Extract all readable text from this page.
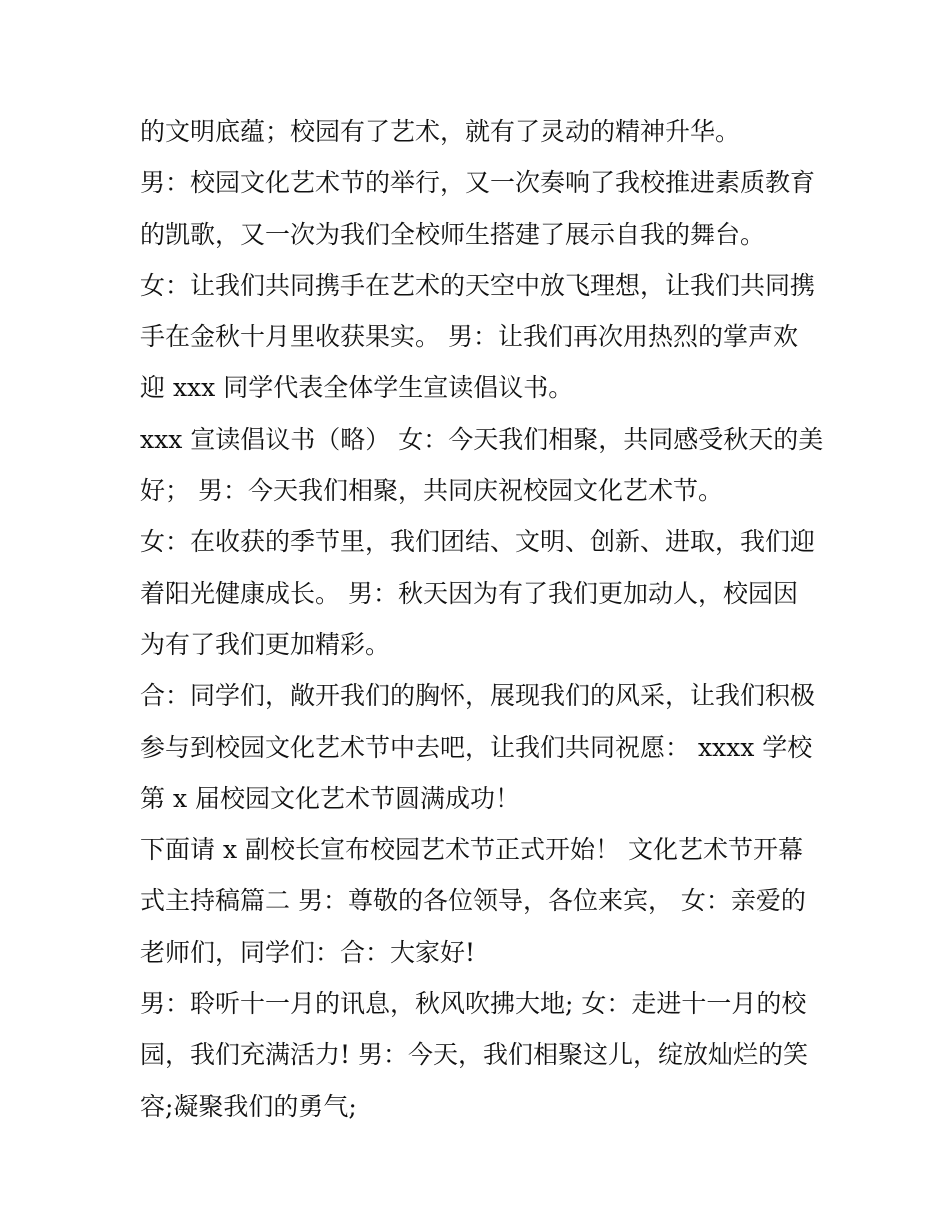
的文明底蕴；校园有了艺术，就有了灵动的精神升华。
男：校园文化艺术节的举行，又一次奏响了我校推进素质教育
的凯歌，又一次为我们全校师生搭建了展示自我的舞台。
女：让我们共同携手在艺术的天空中放飞理想，让我们共同携
手在金秋十月里收获果实。 男：让我们再次用热烈的掌声欢
迎 xxx 同学代表全体学生宣读倡议书。
xxx 宣读倡议书（略） 女：今天我们相聚，共同感受秋天的美
好； 男：今天我们相聚，共同庆祝校园文化艺术节。
女：在收获的季节里，我们团结、文明、创新、进取，我们迎
着阳光健康成长。 男：秋天因为有了我们更加动人，校园因
为有了我们更加精彩。
合：同学们，敞开我们的胸怀，展现我们的风采，让我们积极
参与到校园文化艺术节中去吧，让我们共同祝愿： xxxx 学校
第 x 届校园文化艺术节圆满成功！
下面请 x 副校长宣布校园艺术节正式开始！ 文化艺术节开幕
式主持稿篇二 男：尊敬的各位领导，各位来宾， 女：亲爱的
老师们，同学们：合：大家好!
男：聆听十一月的讯息，秋风吹拂大地; 女：走进十一月的校
园，我们充满活力! 男：今天，我们相聚这儿，绽放灿烂的笑
容;凝聚我们的勇气;
